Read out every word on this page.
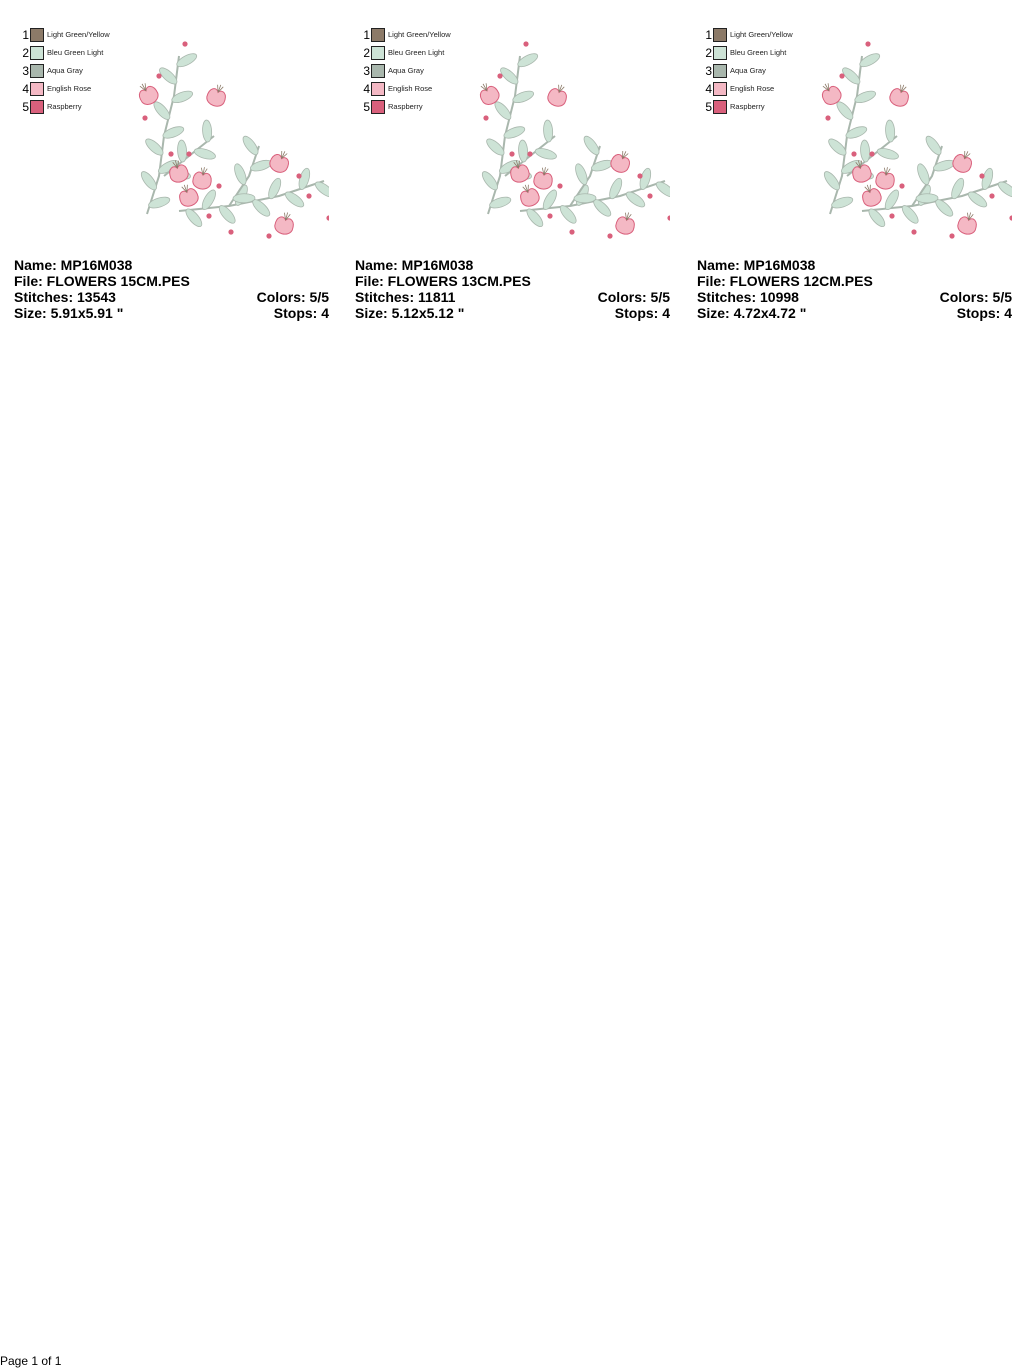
1 Light Green/Yellow
2 Bleu Green Light
3 Aqua Gray
4 English Rose
5 Raspberry
Name: MP16M038
File: FLOWERS 15CM.PES
Stitches: 13543	Colors: 5/5
Size: 5.91x5.91 "	Stops: 4
1 Light Green/Yellow
2 Bleu Green Light
3 Aqua Gray
4 English Rose
5 Raspberry
Name: MP16M038
File: FLOWERS 13CM.PES
Stitches: 11811	Colors: 5/5
Size: 5.12x5.12 "	Stops: 4
1 Light Green/Yellow
2 Bleu Green Light
3 Aqua Gray
4 English Rose
5 Raspberry
Name: MP16M038
File: FLOWERS 12CM.PES
Stitches: 10998	Colors: 5/5
Size: 4.72x4.72 "	Stops: 4
Page 1 of 1
